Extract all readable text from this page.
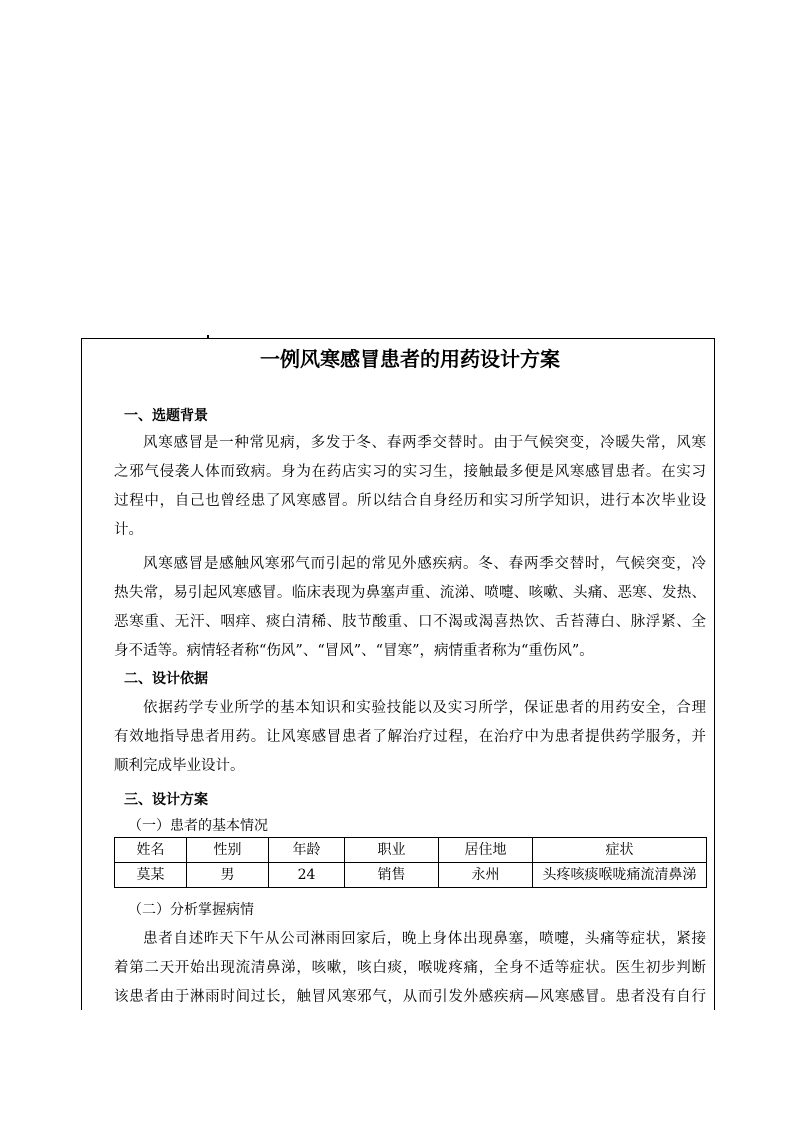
一例风寒感冒患者的用药设计方案
一、选题背景
风寒感冒是一种常见病，多发于冬、春两季交替时。由于气候突变，冷暖失常，风寒
之邪气侵袭人体而致病。身为在药店实习的实习生，接触最多便是风寒感冒患者。在实习
过程中，自己也曾经患了风寒感冒。所以结合自身经历和实习所学知识，进行本次毕业设
计。
风寒感冒是感触风寒邪气而引起的常见外感疾病。冬、春两季交替时，气候突变，冷
热失常，易引起风寒感冒。临床表现为鼻塞声重、流涕、喷嚏、咳嗽、头痛、恶寒、发热、
恶寒重、无汗、咽痒、痰白清稀、肢节酸重、口不渴或渴喜热饮、舌苔薄白、脉浮紧、全
身不适等。病情轻者称“伤风”、“冒风”、“冒寒”，病情重者称为“重伤风”。
二、设计依据
依据药学专业所学的基本知识和实验技能以及实习所学，保证患者的用药安全，合理
有效地指导患者用药。让风寒感冒患者了解治疗过程，在治疗中为患者提供药学服务，并
顺利完成毕业设计。
三、设计方案
（一）患者的基本情况
姓名	性别	年龄	职业	居住地	症状
莫某	男	24	销售	永州	头疼咳痰喉咙痛流清鼻涕
（二）分析掌握病情
患者自述昨天下午从公司淋雨回家后，晚上身体出现鼻塞，喷嚏，头痛等症状，紧接
着第二天开始出现流清鼻涕，咳嗽，咳白痰，喉咙疼痛，全身不适等症状。医生初步判断
该患者由于淋雨时间过长，触冒风寒邪气，从而引发外感疾病—风寒感冒。患者没有自行
